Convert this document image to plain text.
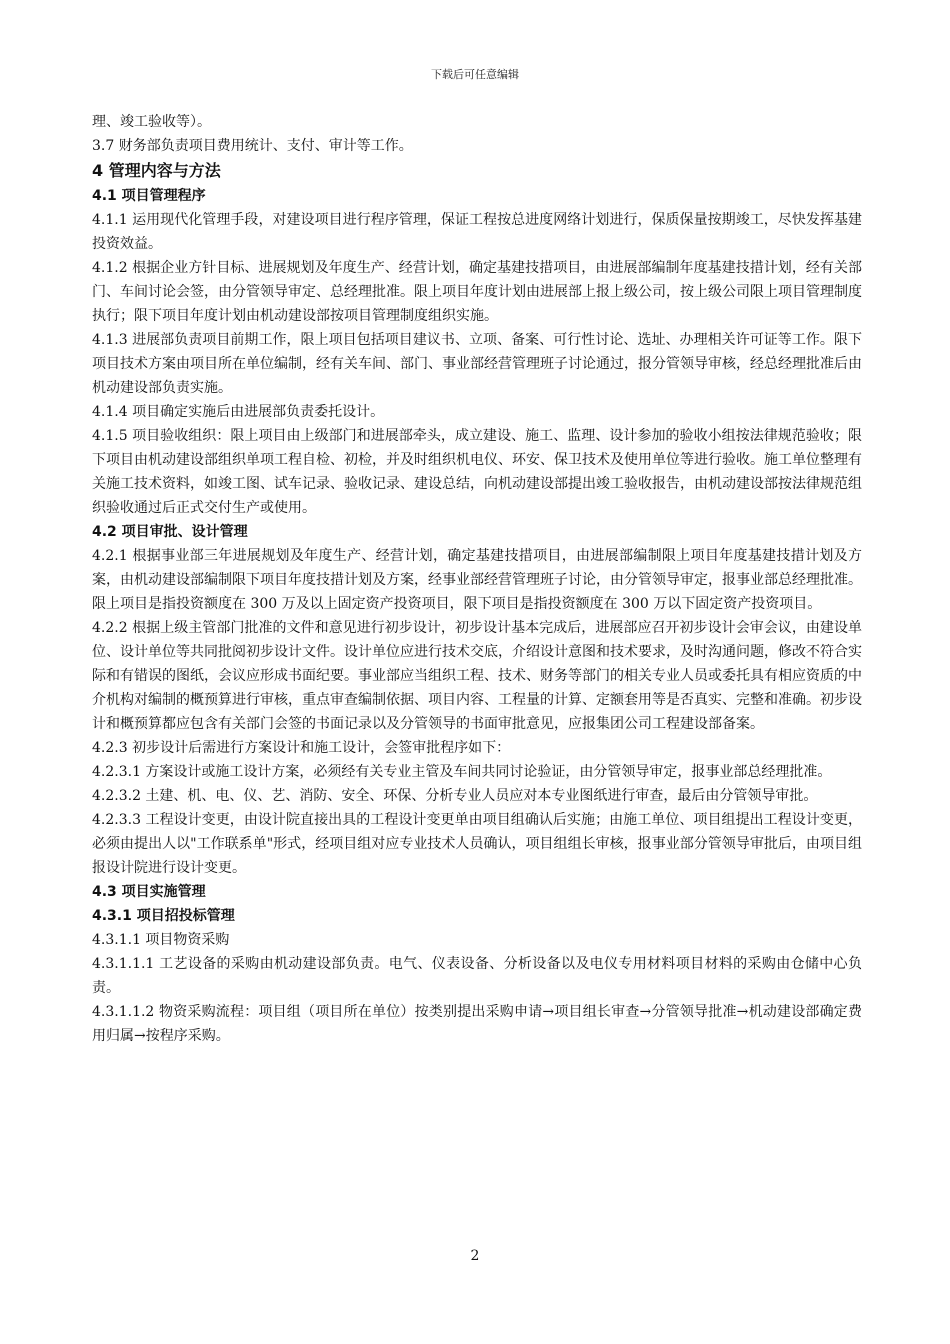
下载后可任意编辑

理、竣工验收等）。

3.7 财务部负责项目费用统计、支付、审计等工作。

4 管理内容与方法

4.1 项目管理程序

4.1.1 运用现代化管理手段，对建设项目进行程序管理，保证工程按总进度网络计划进行，保质保量按期竣工，尽快发挥基建投资效益。

4.1.2 根据企业方针目标、进展规划及年度生产、经营计划，确定基建技措项目，由进展部编制年度基建技措计划，经有关部门、车间讨论会签，由分管领导审定、总经理批准。限上项目年度计划由进展部上报上级公司，按上级公司限上项目管理制度执行；限下项目年度计划由机动建设部按项目管理制度组织实施。

4.1.3 进展部负责项目前期工作，限上项目包括项目建议书、立项、备案、可行性讨论、选址、办理相关许可证等工作。限下项目技术方案由项目所在单位编制，经有关车间、部门、事业部经营管理班子讨论通过，报分管领导审核，经总经理批准后由机动建设部负责实施。

4.1.4 项目确定实施后由进展部负责委托设计。

4.1.5 项目验收组织：限上项目由上级部门和进展部牵头，成立建设、施工、监理、设计参加的验收小组按法律规范验收；限下项目由机动建设部组织单项工程自检、初检，并及时组织机电仪、环安、保卫技术及使用单位等进行验收。施工单位整理有关施工技术资料，如竣工图、试车记录、验收记录、建设总结，向机动建设部提出竣工验收报告，由机动建设部按法律规范组织验收通过后正式交付生产或使用。

4.2 项目审批、设计管理

4.2.1 根据事业部三年进展规划及年度生产、经营计划，确定基建技措项目，由进展部编制限上项目年度基建技措计划及方案，由机动建设部编制限下项目年度技措计划及方案，经事业部经营管理班子讨论，由分管领导审定，报事业部总经理批准。限上项目是指投资额度在 300 万及以上固定资产投资项目，限下项目是指投资额度在 300 万以下固定资产投资项目。

4.2.2 根据上级主管部门批准的文件和意见进行初步设计，初步设计基本完成后，进展部应召开初步设计会审会议，由建设单位、设计单位等共同批阅初步设计文件。设计单位应进行技术交底，介绍设计意图和技术要求，及时沟通问题，修改不符合实际和有错误的图纸，会议应形成书面纪要。事业部应当组织工程、技术、财务等部门的相关专业人员或委托具有相应资质的中介机构对编制的概预算进行审核，重点审查编制依据、项目内容、工程量的计算、定额套用等是否真实、完整和准确。初步设计和概预算都应包含有关部门会签的书面记录以及分管领导的书面审批意见，应报集团公司工程建设部备案。

4.2.3 初步设计后需进行方案设计和施工设计，会签审批程序如下：

4.2.3.1 方案设计或施工设计方案，必须经有关专业主管及车间共同讨论验证，由分管领导审定，报事业部总经理批准。

4.2.3.2 土建、机、电、仪、艺、消防、安全、环保、分析专业人员应对本专业图纸进行审查，最后由分管领导审批。

4.2.3.3 工程设计变更，由设计院直接出具的工程设计变更单由项目组确认后实施；由施工单位、项目组提出工程设计变更，必须由提出人以"工作联系单"形式，经项目组对应专业技术人员确认，项目组组长审核，报事业部分管领导审批后，由项目组报设计院进行设计变更。

4.3 项目实施管理

4.3.1 项目招投标管理

4.3.1.1 项目物资采购

4.3.1.1.1 工艺设备的采购由机动建设部负责。电气、仪表设备、分析设备以及电仪专用材料项目材料的采购由仓储中心负责。

4.3.1.1.2 物资采购流程：项目组（项目所在单位）按类别提出采购申请→项目组长审查→分管领导批准→机动建设部确定费用归属→按程序采购。

2
